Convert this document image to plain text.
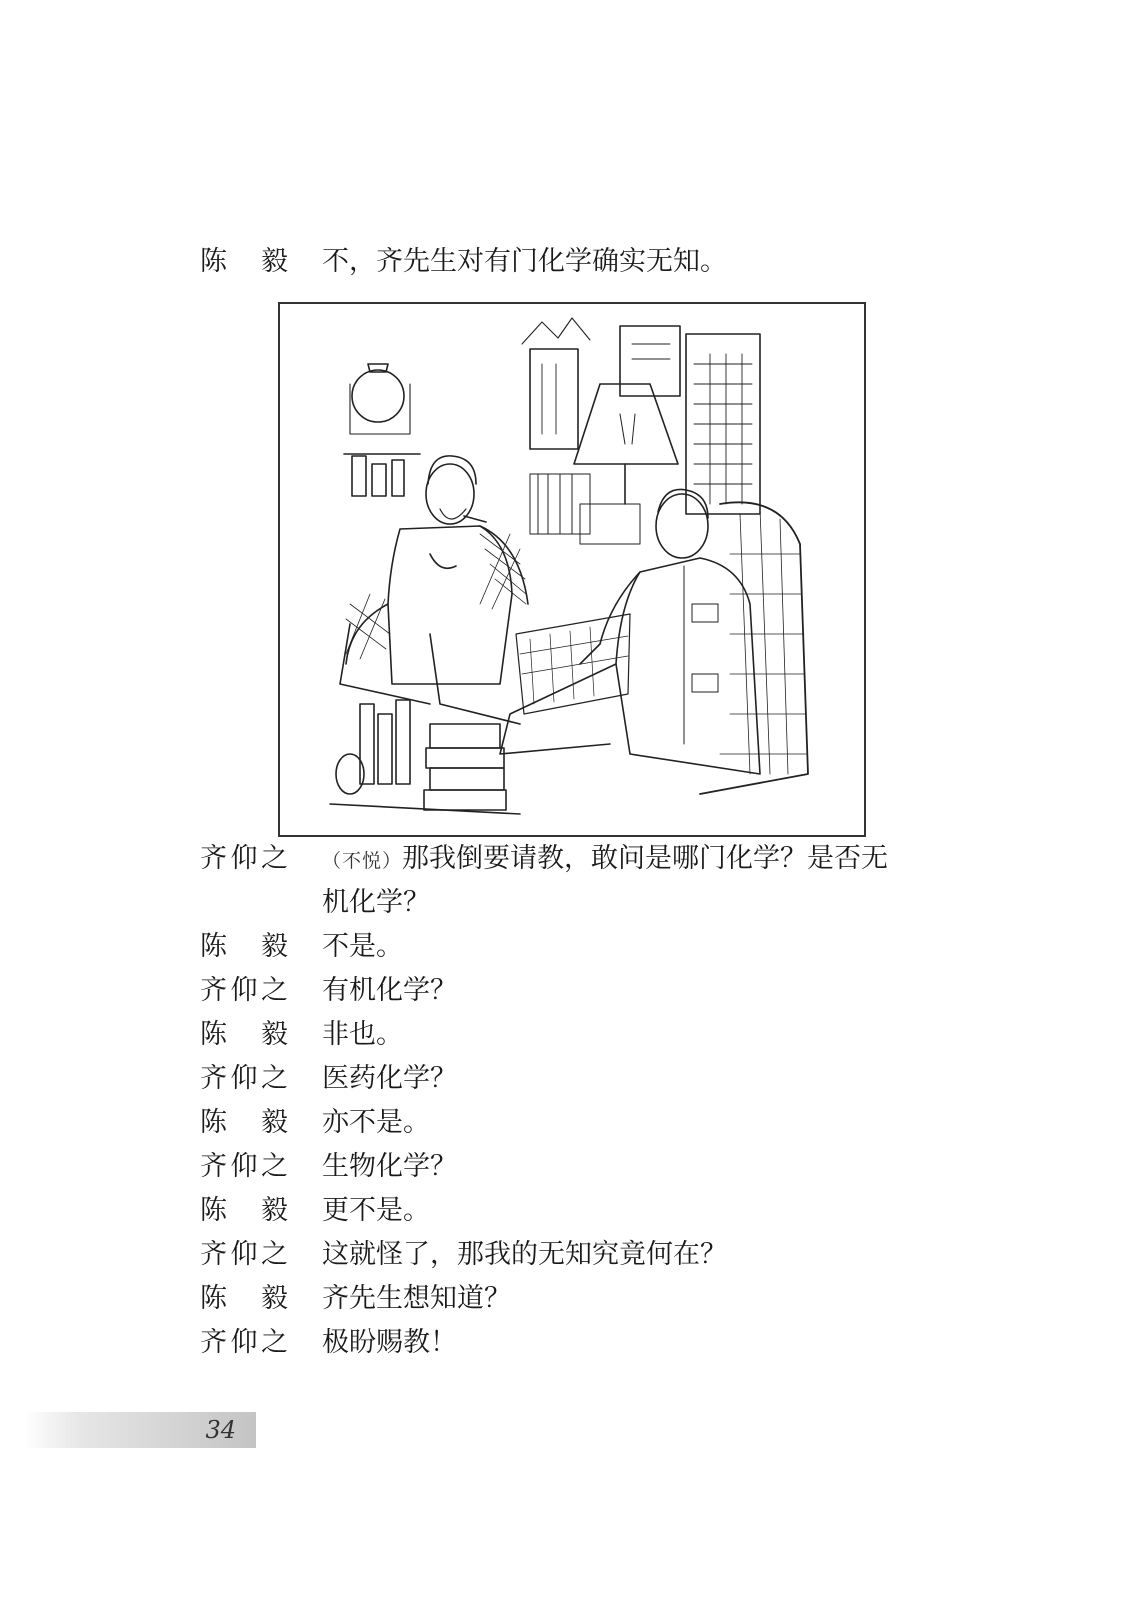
陈 毅 不，齐先生对有门化学确实无知。
齐 仰 之 （不悦）那我倒要请教，敢问是哪门化学？是否无
机化学？
陈 毅 不是。
齐 仰 之 有机化学？
陈 毅 非也。
齐 仰 之 医药化学？
陈 毅 亦不是。
齐 仰 之 生物化学？
陈 毅 更不是。
齐 仰 之 这就怪了，那我的无知究竟何在？
陈 毅 齐先生想知道？
齐 仰 之 极盼赐教！
34
